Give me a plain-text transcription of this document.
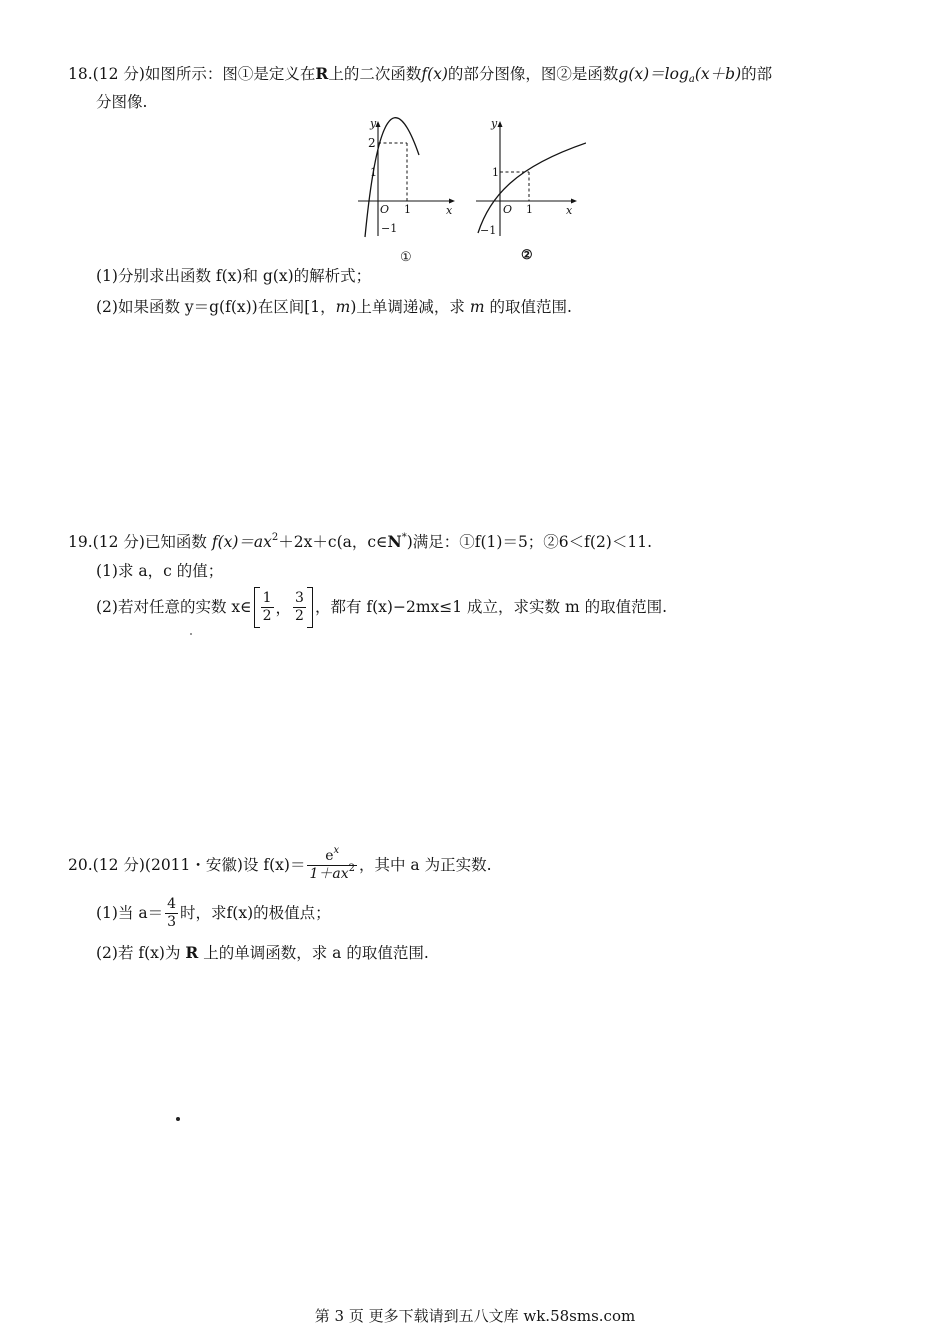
18.(12 分)如图所示：图①是定义在R上的二次函数f(x)的部分图像，图②是函数$g(x)=\log_a(x+b)$的部
分图像.
y
x
O
2
1
−1
1
①
y
x
O
1
−1
1
②
(1)分别求出函数 f(x)和 g(x)的解析式；
(2)如果函数 y＝g(f(x))在区间[1，m)上单调递减，求 m 的取值范围.
19.(12 分)已知函数 $f(x)=ax^2+2x+c(a$，c∈N*)满足：①f(1)＝5；②6＜f(2)＜11.
(1)求 a，c 的值；
(2)若对任意的实数 x∈ $\frac{1}{2}$ ， $\frac{3}{2}$ ，都有 f(x)−2mx≤1 成立，求实数 m 的取值范围.
20.(12 分)(2011・安徽)设 $f(x)= \frac{e^x}{1+ax^2}$ ，其中 a 为正实数.
(1)当 $a= \frac{4}{3}$ 时，求f(x)的极值点；
(2)若 f(x)为 R 上的单调函数，求 a 的取值范围.
第 3 页 更多下载请到五八文库 wk.58sms.com
